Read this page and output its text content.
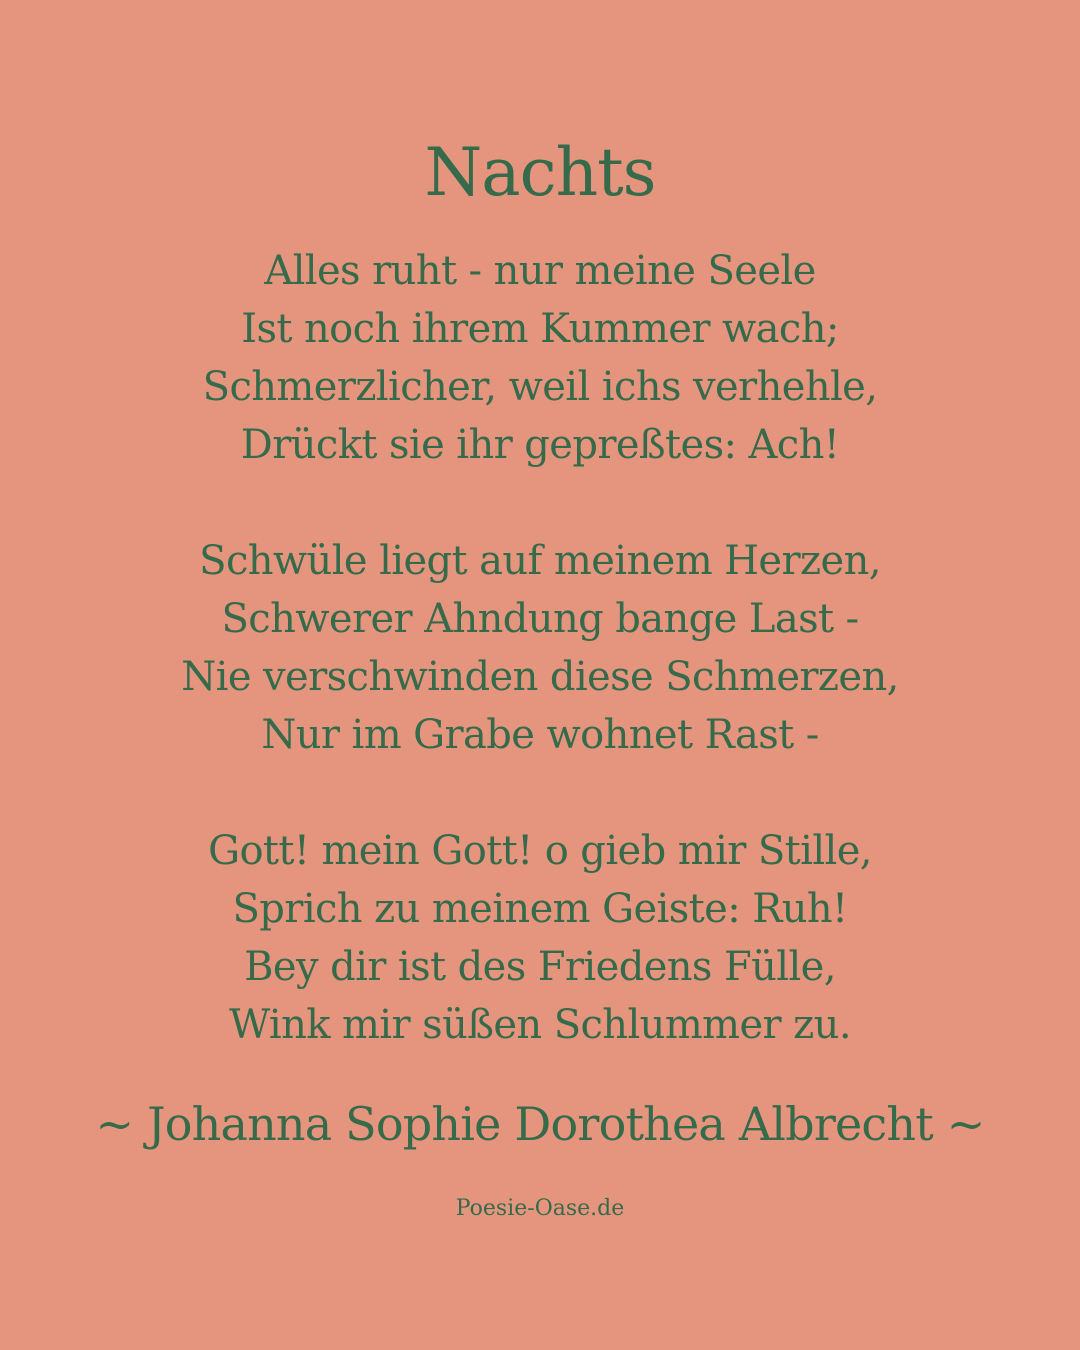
Nachts
Alles ruht - nur meine Seele
Ist noch ihrem Kummer wach;
Schmerzlicher, weil ichs verhehle,
Drückt sie ihr gepreßtes: Ach!
Schwüle liegt auf meinem Herzen,
Schwerer Ahndung bange Last -
Nie verschwinden diese Schmerzen,
Nur im Grabe wohnet Rast -
Gott! mein Gott! o gieb mir Stille,
Sprich zu meinem Geiste: Ruh!
Bey dir ist des Friedens Fülle,
Wink mir süßen Schlummer zu.
~ Johanna Sophie Dorothea Albrecht ~
Poesie-Oase.de
